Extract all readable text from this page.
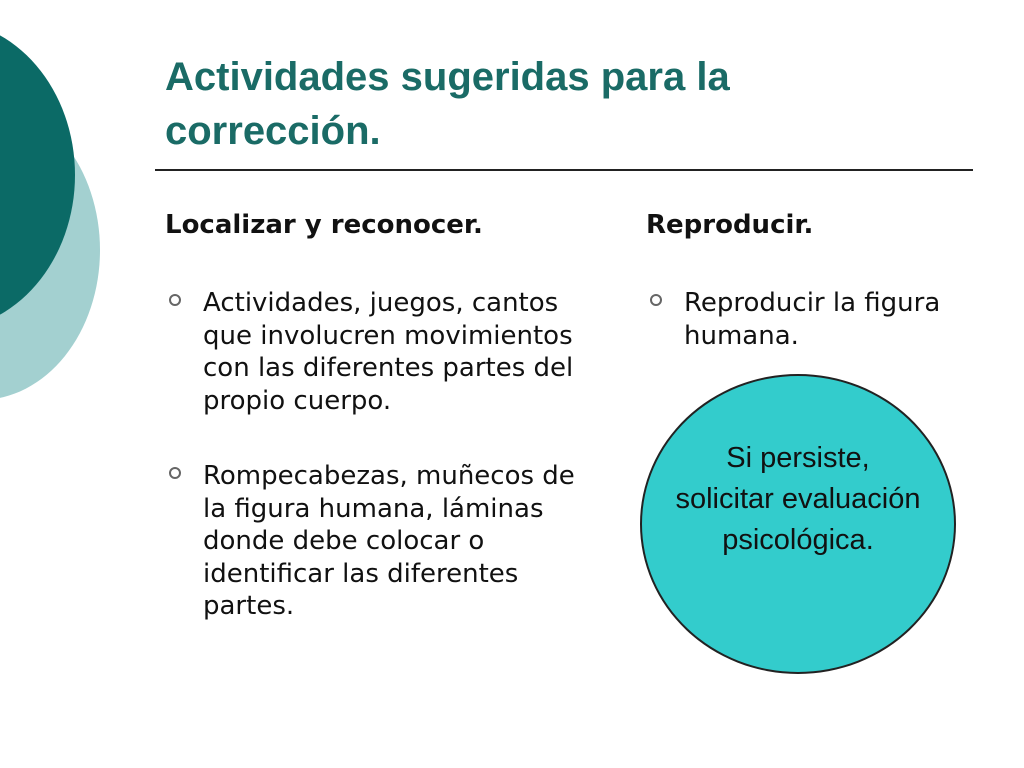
Actividades sugeridas para la corrección.
Localizar y reconocer.
Actividades, juegos, cantos que involucren movimientos con las diferentes partes del propio cuerpo.
Rompecabezas, muñecos de la figura humana, láminas donde debe colocar o identificar las diferentes partes.
Reproducir.
Reproducir la figura humana.
Si persiste,
solicitar evaluación
psicológica.
